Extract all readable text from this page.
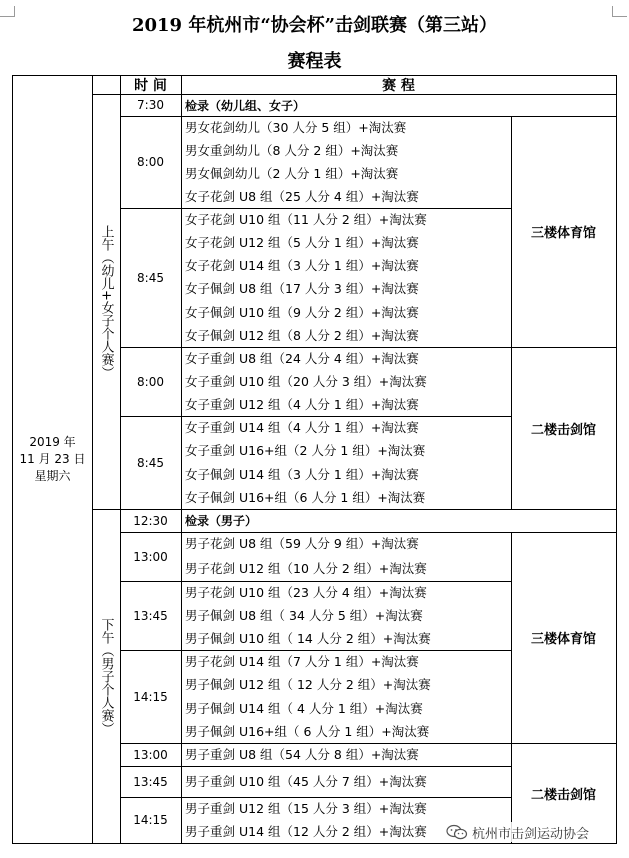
2019 年杭州市“协会杯”击剑联赛（第三站）
赛程表
2019 年
11 月 23 日
星期六
时 间	赛 程
上午（幼儿+女子个人赛）
下午（男子个人赛）
7:30 检录（幼儿组、女子）
8:00
男女花剑幼儿（30 人分 5 组）+淘汰赛
男女重剑幼儿（8 人分 2 组）+淘汰赛
男女佩剑幼儿（2 人分 1 组）+淘汰赛
女子花剑 U8 组（25 人分 4 组）+淘汰赛
8:45
女子花剑 U10 组（11 人分 2 组）+淘汰赛
女子花剑 U12 组（5 人分 1 组）+淘汰赛
女子花剑 U14 组（3 人分 1 组）+淘汰赛
女子佩剑 U8 组（17 人分 3 组）+淘汰赛
女子佩剑 U10 组（9 人分 2 组）+淘汰赛
女子佩剑 U12 组（8 人分 2 组）+淘汰赛
8:00
女子重剑 U8 组（24 人分 4 组）+淘汰赛
女子重剑 U10 组（20 人分 3 组）+淘汰赛
女子重剑 U12 组（4 人分 1 组）+淘汰赛
8:45
女子重剑 U14 组（4 人分 1 组）+淘汰赛
女子重剑 U16+组（2 人分 1 组）+淘汰赛
女子佩剑 U14 组（3 人分 1 组）+淘汰赛
女子佩剑 U16+组（6 人分 1 组）+淘汰赛
12:30 检录（男子）
13:00
男子花剑 U8 组（59 人分 9 组）+淘汰赛
男子花剑 U12 组（10 人分 2 组）+淘汰赛
13:45
男子花剑 U10 组（23 人分 4 组）+淘汰赛
男子佩剑 U8 组（ 34 人分 5 组）+淘汰赛
男子佩剑 U10 组（ 14 人分 2 组）+淘汰赛
14:15
男子花剑 U14 组（7 人分 1 组）+淘汰赛
男子佩剑 U12 组（ 12 人分 2 组）+淘汰赛
男子佩剑 U14 组（ 4 人分 1 组）+淘汰赛
男子佩剑 U16+组（ 6 人分 1 组）+淘汰赛
13:00 男子重剑 U8 组（54 人分 8 组）+淘汰赛
13:45 男子重剑 U10 组（45 人分 7 组）+淘汰赛
14:15
男子重剑 U12 组（15 人分 3 组）+淘汰赛
男子重剑 U14 组（12 人分 2 组）+淘汰赛
三楼体育馆
二楼击剑馆
三楼体育馆
二楼击剑馆
杭州市击剑运动协会
